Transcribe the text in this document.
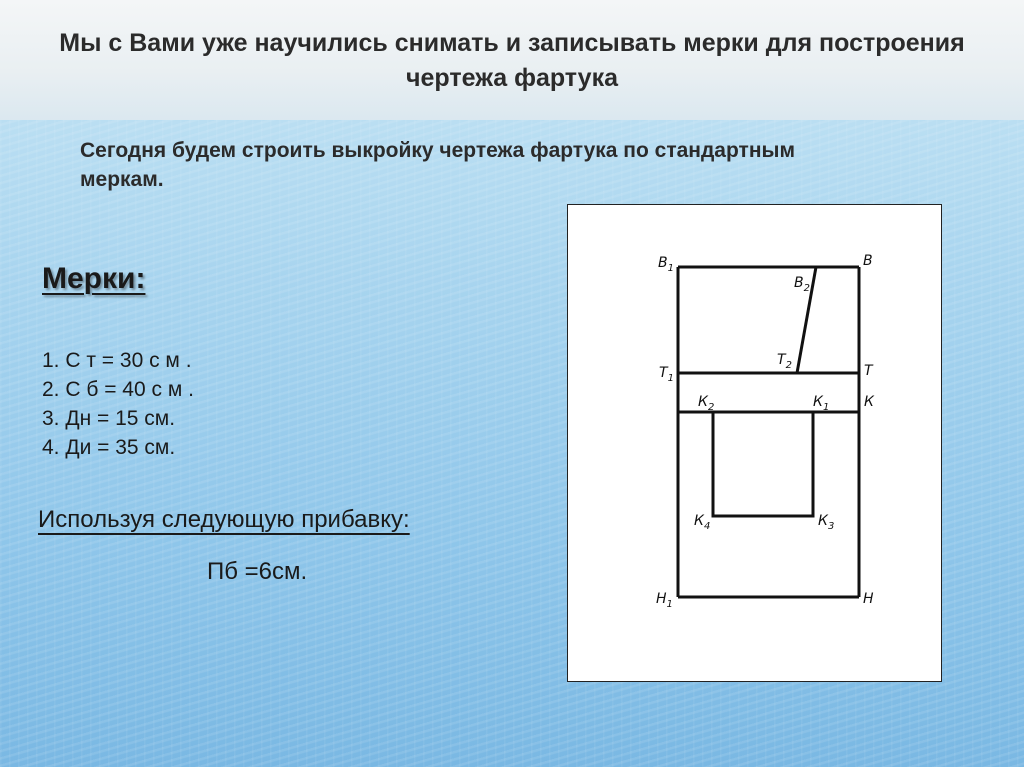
Мы с Вами уже научились снимать и записывать мерки для построения чертежа фартука
Сегодня будем строить выкройку чертежа фартука по стандартным меркам.
Мерки:
1. С т = 30 с м .
2. С б = 40 с м .
3. Дн = 15 см.
4. Ди = 35 см.
Используя следующую прибавку:
Пб =6см.
$В_1$	В
$В_2$
$Т_1$
$Т_2$	Т
$К_2$	$К_1$ К
$К_4$	$К_3$
$Н_1$	Н
